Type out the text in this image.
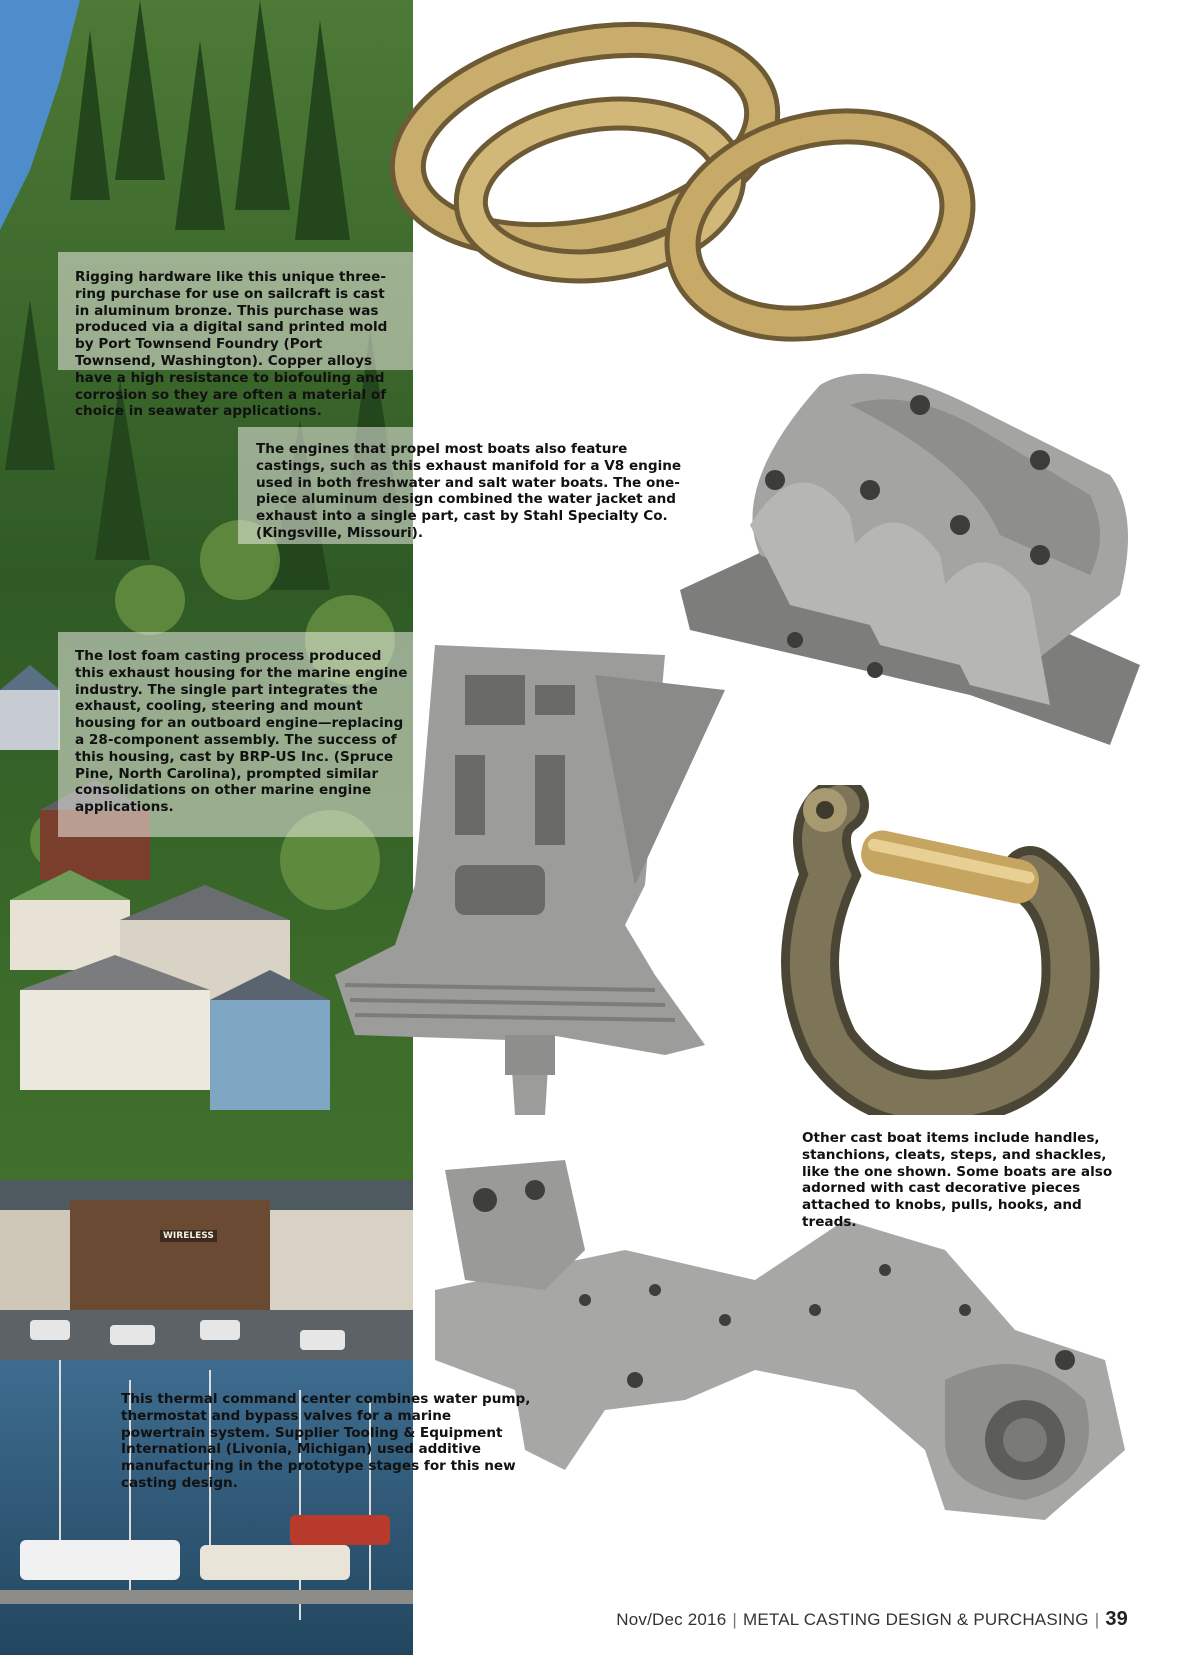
WIRELESS
Rigging hardware like this unique three-ring purchase for use on sailcraft is cast in aluminum bronze. This purchase was produced via a digital sand printed mold by Port Townsend Foundry (Port Townsend, Washington). Copper alloys have a high resistance to biofouling and corrosion so they are often a material of choice in seawater applications.
The engines that propel most boats also feature castings, such as this exhaust manifold for a V8 engine used in both freshwater and salt water boats. The one-piece aluminum design combined the water jacket and exhaust into a single part, cast by Stahl Specialty Co. (Kingsville, Missouri).
The lost foam casting process produced this exhaust housing for the marine engine industry. The single part integrates the exhaust, cooling, steering and mount housing for an outboard engine—replacing a 28-component assembly. The success of this housing, cast by BRP-US Inc. (Spruce Pine, North Carolina), prompted similar consolidations on other marine engine applications.
Other cast boat items include handles, stanchions, cleats, steps, and shackles, like the one shown. Some boats are also adorned with cast decorative pieces attached to knobs, pulls, hooks, and treads.
This thermal command center combines water pump, thermostat and bypass valves for a marine powertrain system. Supplier Tooling & Equipment International (Livonia, Michigan) used additive manufacturing in the prototype stages for this new casting design.
Nov/Dec 2016 | METAL CASTING DESIGN & PURCHASING | 39
